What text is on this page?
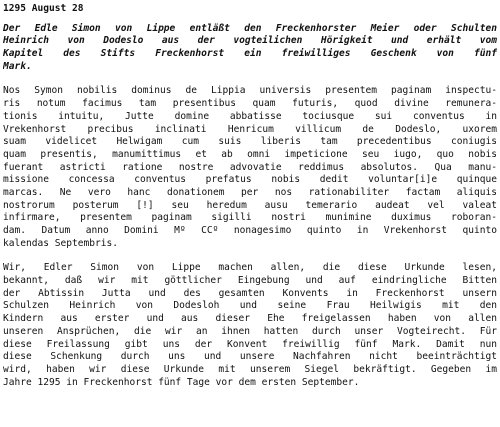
1295 August 28
Der Edle Simon von Lippe entläßt den Freckenhorster Meier oder Schulten
Heinrich von Dodeslo aus der vogteilichen Hörigkeit und erhält vom
Kapitel des Stifts Freckenhorst ein freiwilliges Geschenk von fünf
Mark.
Nos Symon nobilis dominus de Lippia universis presentem paginam inspectu-
ris notum facimus tam presentibus quam futuris, quod divine remunera-
tionis intuitu, Jutte domine abbatisse tociusque sui conventus in
Vrekenhorst precibus inclinati Henricum villicum de Dodeslo, uxorem
suam videlicet Helwigam cum suis liberis tam precedentibus coniugis
quam presentis, manumittimus et ab omni impeticione seu iugo, quo nobis
fuerant astricti ratione nostre advovatie reddimus absolutos. Qua manu-
missione concessa conventus prefatus nobis dedit voluntar[i]e quinque
marcas. Ne vero hanc donationem per nos rationabiliter factam aliquis
nostrorum posterum [!] seu heredum ausu temerario audeat vel valeat
infirmare, presentem paginam sigilli nostri munimine duximus roboran-
dam. Datum anno Domini Mº CCº nonagesimo quinto in Vrekenhorst quinto
kalendas Septembris.
Wir, Edler Simon von Lippe machen allen, die diese Urkunde lesen,
bekannt, daß wir mit göttlicher Eingebung und auf eindringliche Bitten
der Äbtissin Jutta und des gesamten Konvents in Freckenhorst unsern
Schulzen Heinrich von Dodesloh und seine Frau Heilwigis mit den
Kindern aus erster und aus dieser Ehe freigelassen haben von allen
unseren Ansprüchen, die wir an ihnen hatten durch unser Vogteirecht. Für
diese Freilassung gibt uns der Konvent freiwillig fünf Mark. Damit nun
diese Schenkung durch uns und unsere Nachfahren nicht beeinträchtigt
wird, haben wir diese Urkunde mit unserem Siegel bekräftigt. Gegeben im
Jahre 1295 in Freckenhorst fünf Tage vor dem ersten September.
